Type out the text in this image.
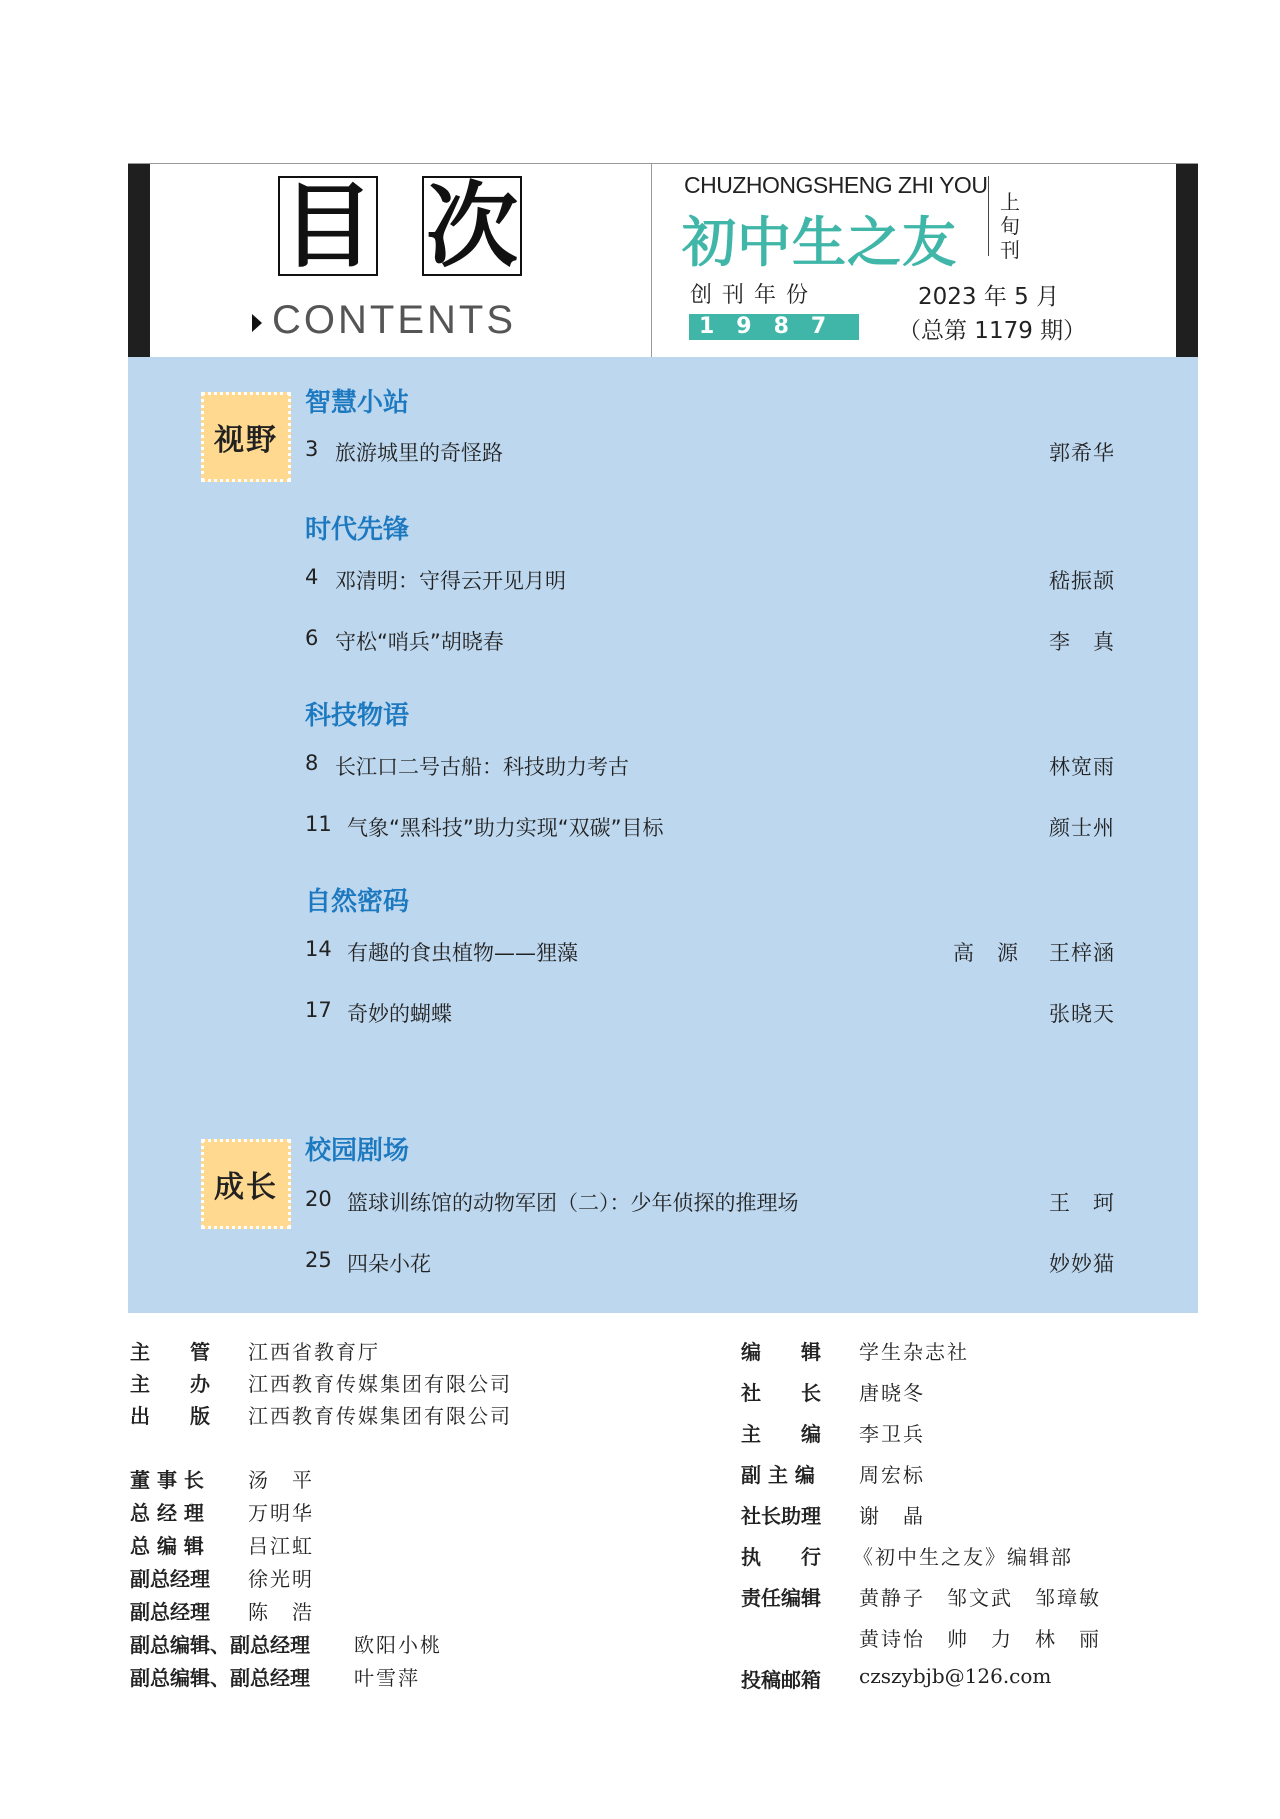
目 次
CONTENTS
CHUZHONGSHENG ZHI YOU
初中生之友
上旬刊
创刊年份
1987
2023 年 5 月
（总第 1179 期）
视野
智慧小站
3 旅游城里的奇怪路	郭希华
时代先锋
4 邓清明：守得云开见月明	嵇振颉
6 守松“哨兵”胡晓春	李　真
科技物语
8 长江口二号古船：科技助力考古	林宽雨
11 气象“黑科技”助力实现“双碳”目标	颜士州
自然密码
14 有趣的食虫植物——狸藻	高　源 王梓涵
17 奇妙的蝴蝶	张晓天
成长
校园剧场
20 篮球训练馆的动物军团（二）：少年侦探的推理场	王　珂
25 四朵小花	妙妙猫
主　　管 江西省教育厅
主　　办 江西教育传媒集团有限公司
出　　版 江西教育传媒集团有限公司
董 事 长 汤　平
总 经 理 万明华
总 编 辑 吕江虹
副总经理 徐光明
副总经理 陈　浩
副总编辑、副总经理 欧阳小桃
副总编辑、副总经理 叶雪萍
编　　辑 学生杂志社
社　　长 唐晓冬
主　　编 李卫兵
副 主 编 周宏标
社长助理 谢　晶
执　　行 《初中生之友》编辑部
责任编辑 黄静子　邹文武　邹璋敏
黄诗怡　帅　力　林　丽
投稿邮箱 czszybjb@126.com
